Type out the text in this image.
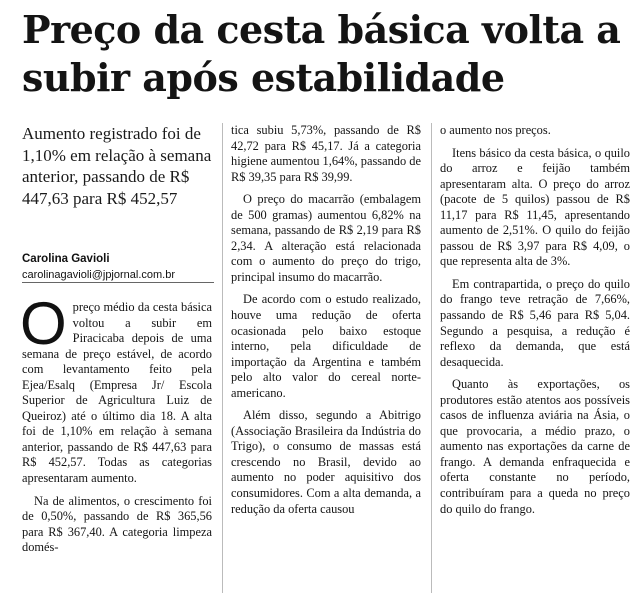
Preço da cesta básica volta a subir após estabilidade

Aumento registrado foi de 1,10% em relação à semana anterior, passando de R$ 447,63 para R$ 452,57

Carolina Gavioli
carolinagavioli@jpjornal.com.br

Opreço médio da cesta básica voltou a subir em Piracicaba depois de uma semana de preço estável, de acordo com levantamento feito pela Ejea/Esalq (Empresa Jr/ Escola Superior de Agricultura Luiz de Queiroz) até o último dia 18. A alta foi de 1,10% em relação à semana anterior, passando de R$ 447,63 para R$ 452,57. Todas as categorias apresentaram aumento.

Na de alimentos, o crescimento foi de 0,50%, passando de R$ 365,56 para R$ 367,40. A categoria limpeza domés-

tica subiu 5,73%, passando de R$ 42,72 para R$ 45,17. Já a categoria higiene aumentou 1,64%, passando de R$ 39,35 para R$ 39,99.

O preço do macarrão (embalagem de 500 gramas) aumentou 6,82% na semana, passando de R$ 2,19 para R$ 2,34. A alteração está relacionada com o aumento do preço do trigo, principal insumo do macarrão.

De acordo com o estudo realizado, houve uma redução de oferta ocasionada pelo baixo estoque interno, pela dificuldade de importação da Argentina e também pelo alto valor do cereal norte-americano.

Além disso, segundo a Abitrigo (Associação Brasileira da Indústria do Trigo), o consumo de massas está crescendo no Brasil, devido ao aumento no poder aquisitivo dos consumidores. Com a alta demanda, a redução da oferta causou

o aumento nos preços.

Itens básico da cesta básica, o quilo do arroz e feijão também apresentaram alta. O preço do arroz (pacote de 5 quilos) passou de R$ 11,17 para R$ 11,45, apresentando aumento de 2,51%. O quilo do feijão passou de R$ 3,97 para R$ 4,09, o que representa alta de 3%.

Em contrapartida, o preço do quilo do frango teve retração de 7,66%, passando de R$ 5,46 para R$ 5,04. Segundo a pesquisa, a redução é reflexo da demanda, que está desaquecida.

Quanto às exportações, os produtores estão atentos aos possíveis casos de influenza aviária na Ásia, o que provocaria, a médio prazo, o aumento nas exportações da carne de frango. A demanda enfraquecida e oferta constante no período, contribuíram para a queda no preço do quilo do frango.
